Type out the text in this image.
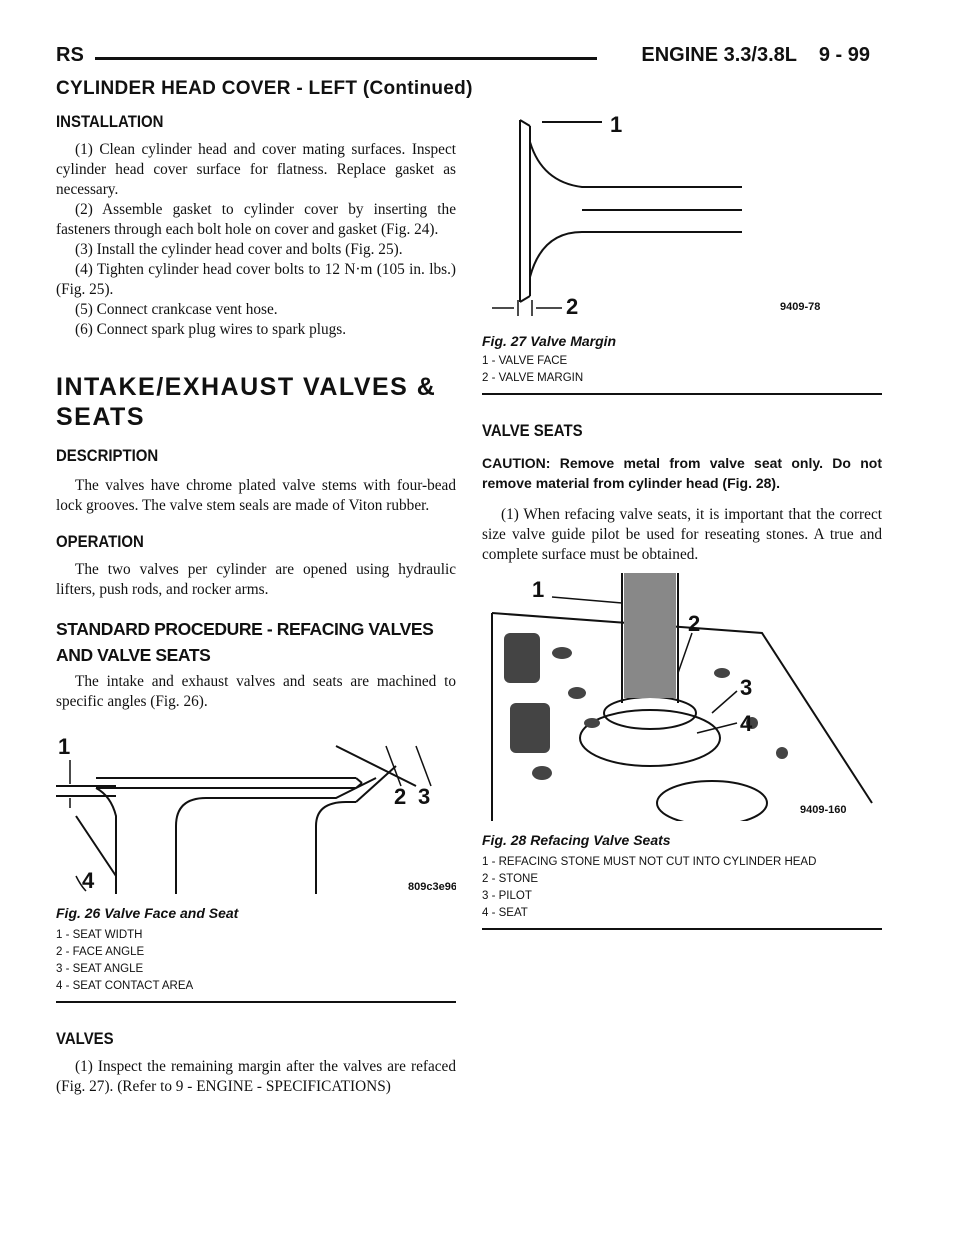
RS	ENGINE 3.3/3.8L    9 - 99
CYLINDER HEAD COVER - LEFT (Continued)
INSTALLATION

(1) Clean cylinder head and cover mating surfaces. Inspect cylinder head cover surface for flatness. Replace gasket as necessary.

(2) Assemble gasket to cylinder cover by inserting the fasteners through each bolt hole on cover and gasket (Fig. 24).

(3) Install the cylinder head cover and bolts (Fig. 25).

(4) Tighten cylinder head cover bolts to 12 N·m (105 in. lbs.) (Fig. 25).

(5) Connect crankcase vent hose.

(6) Connect spark plug wires to spark plugs.

INTAKE/EXHAUST VALVES & SEATS
DESCRIPTION

The valves have chrome plated valve stems with four-bead lock grooves. The valve stem seals are made of Viton rubber.

OPERATION

The two valves per cylinder are opened using hydraulic lifters, push rods, and rocker arms.

STANDARD PROCEDURE - REFACING VALVES AND VALVE SEATS

The intake and exhaust valves and seats are machined to specific angles (Fig. 26).

1
2 3
4	809c3e96
Fig. 26 Valve Face and Seat
1 - SEAT WIDTH
2 - FACE ANGLE
3 - SEAT ANGLE
4 - SEAT CONTACT AREA
VALVES

(1) Inspect the remaining margin after the valves are refaced (Fig. 27). (Refer to 9 - ENGINE - SPECIFICATIONS)

1
2	9409-78
Fig. 27 Valve Margin
1 - VALVE FACE
2 - VALVE MARGIN
VALVE SEATS

CAUTION: Remove metal from valve seat only. Do not remove material from cylinder head (Fig. 28).

(1) When refacing valve seats, it is important that the correct size valve guide pilot be used for reseating stones. A true and complete surface must be obtained.

1
2
3
4
9409-160
Fig. 28 Refacing Valve Seats
1 - REFACING STONE MUST NOT CUT INTO CYLINDER HEAD
2 - STONE
3 - PILOT
4 - SEAT
